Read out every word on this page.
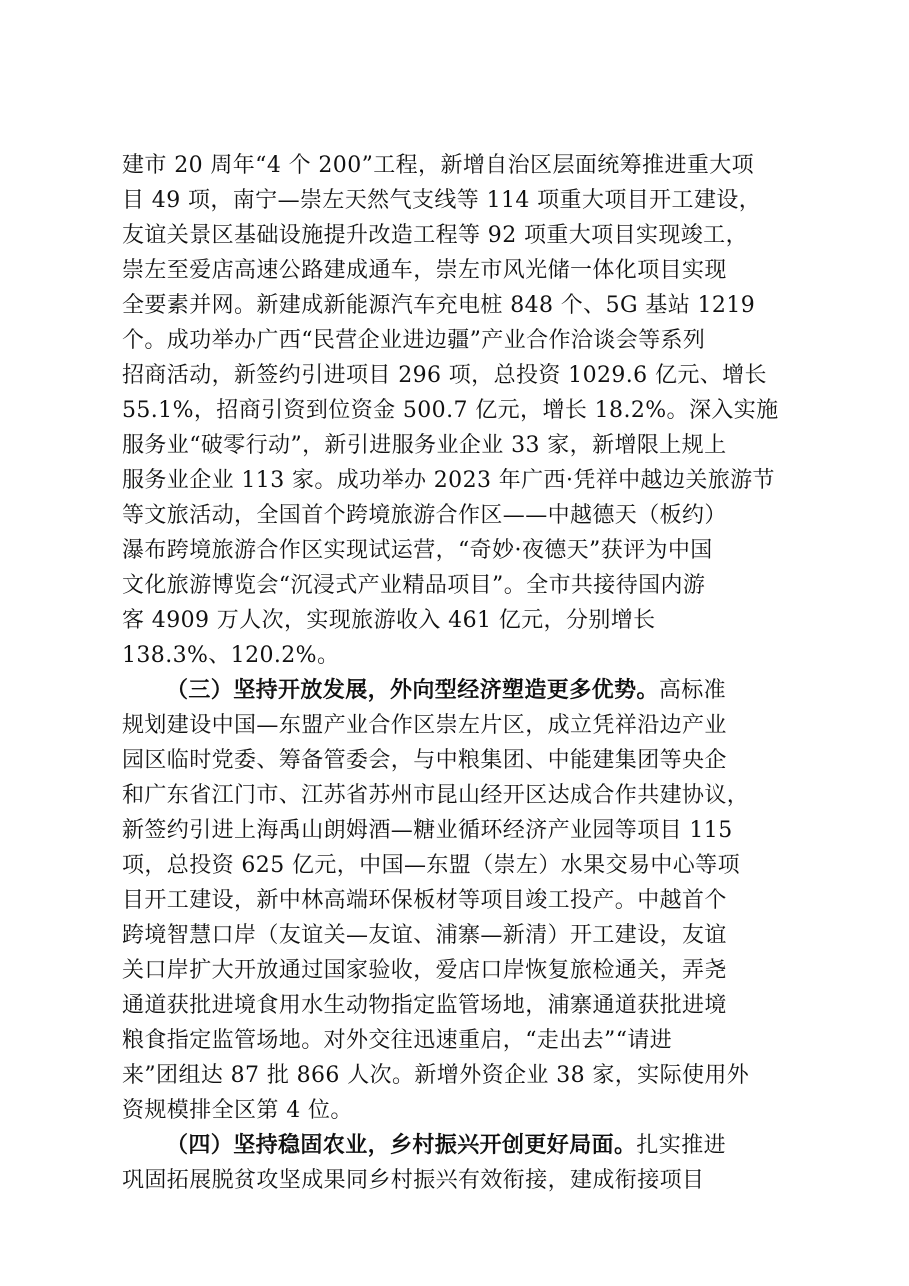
建市 20 周年“4 个 200”工程，新增自治区层面统筹推进重大项
目 49 项，南宁—崇左天然气支线等 114 项重大项目开工建设，
友谊关景区基础设施提升改造工程等 92 项重大项目实现竣工，
崇左至爱店高速公路建成通车，崇左市风光储一体化项目实现
全要素并网。新建成新能源汽车充电桩 848 个、5G 基站 1219
个。成功举办广西“民营企业进边疆”产业合作洽谈会等系列
招商活动，新签约引进项目 296 项，总投资 1029.6 亿元、增长
55.1%，招商引资到位资金 500.7 亿元，增长 18.2%。深入实施
服务业“破零行动”，新引进服务业企业 33 家，新增限上规上
服务业企业 113 家。成功举办 2023 年广西·凭祥中越边关旅游节
等文旅活动，全国首个跨境旅游合作区——中越德天（板约）
瀑布跨境旅游合作区实现试运营，“奇妙·夜德天”获评为中国
文化旅游博览会“沉浸式产业精品项目”。全市共接待国内游
客 4909 万人次，实现旅游收入 461 亿元，分别增长
138.3%、120.2%。
（三）坚持开放发展，外向型经济塑造更多优势。高标准
规划建设中国—东盟产业合作区崇左片区，成立凭祥沿边产业
园区临时党委、筹备管委会，与中粮集团、中能建集团等央企
和广东省江门市、江苏省苏州市昆山经开区达成合作共建协议，
新签约引进上海禹山朗姆酒—糖业循环经济产业园等项目 115
项，总投资 625 亿元，中国—东盟（崇左）水果交易中心等项
目开工建设，新中林高端环保板材等项目竣工投产。中越首个
跨境智慧口岸（友谊关—友谊、浦寨—新清）开工建设，友谊
关口岸扩大开放通过国家验收，爱店口岸恢复旅检通关，弄尧
通道获批进境食用水生动物指定监管场地，浦寨通道获批进境
粮食指定监管场地。对外交往迅速重启，“走出去”“请进
来”团组达 87 批 866 人次。新增外资企业 38 家，实际使用外
资规模排全区第 4 位。
（四）坚持稳固农业，乡村振兴开创更好局面。扎实推进
巩固拓展脱贫攻坚成果同乡村振兴有效衔接，建成衔接项目
